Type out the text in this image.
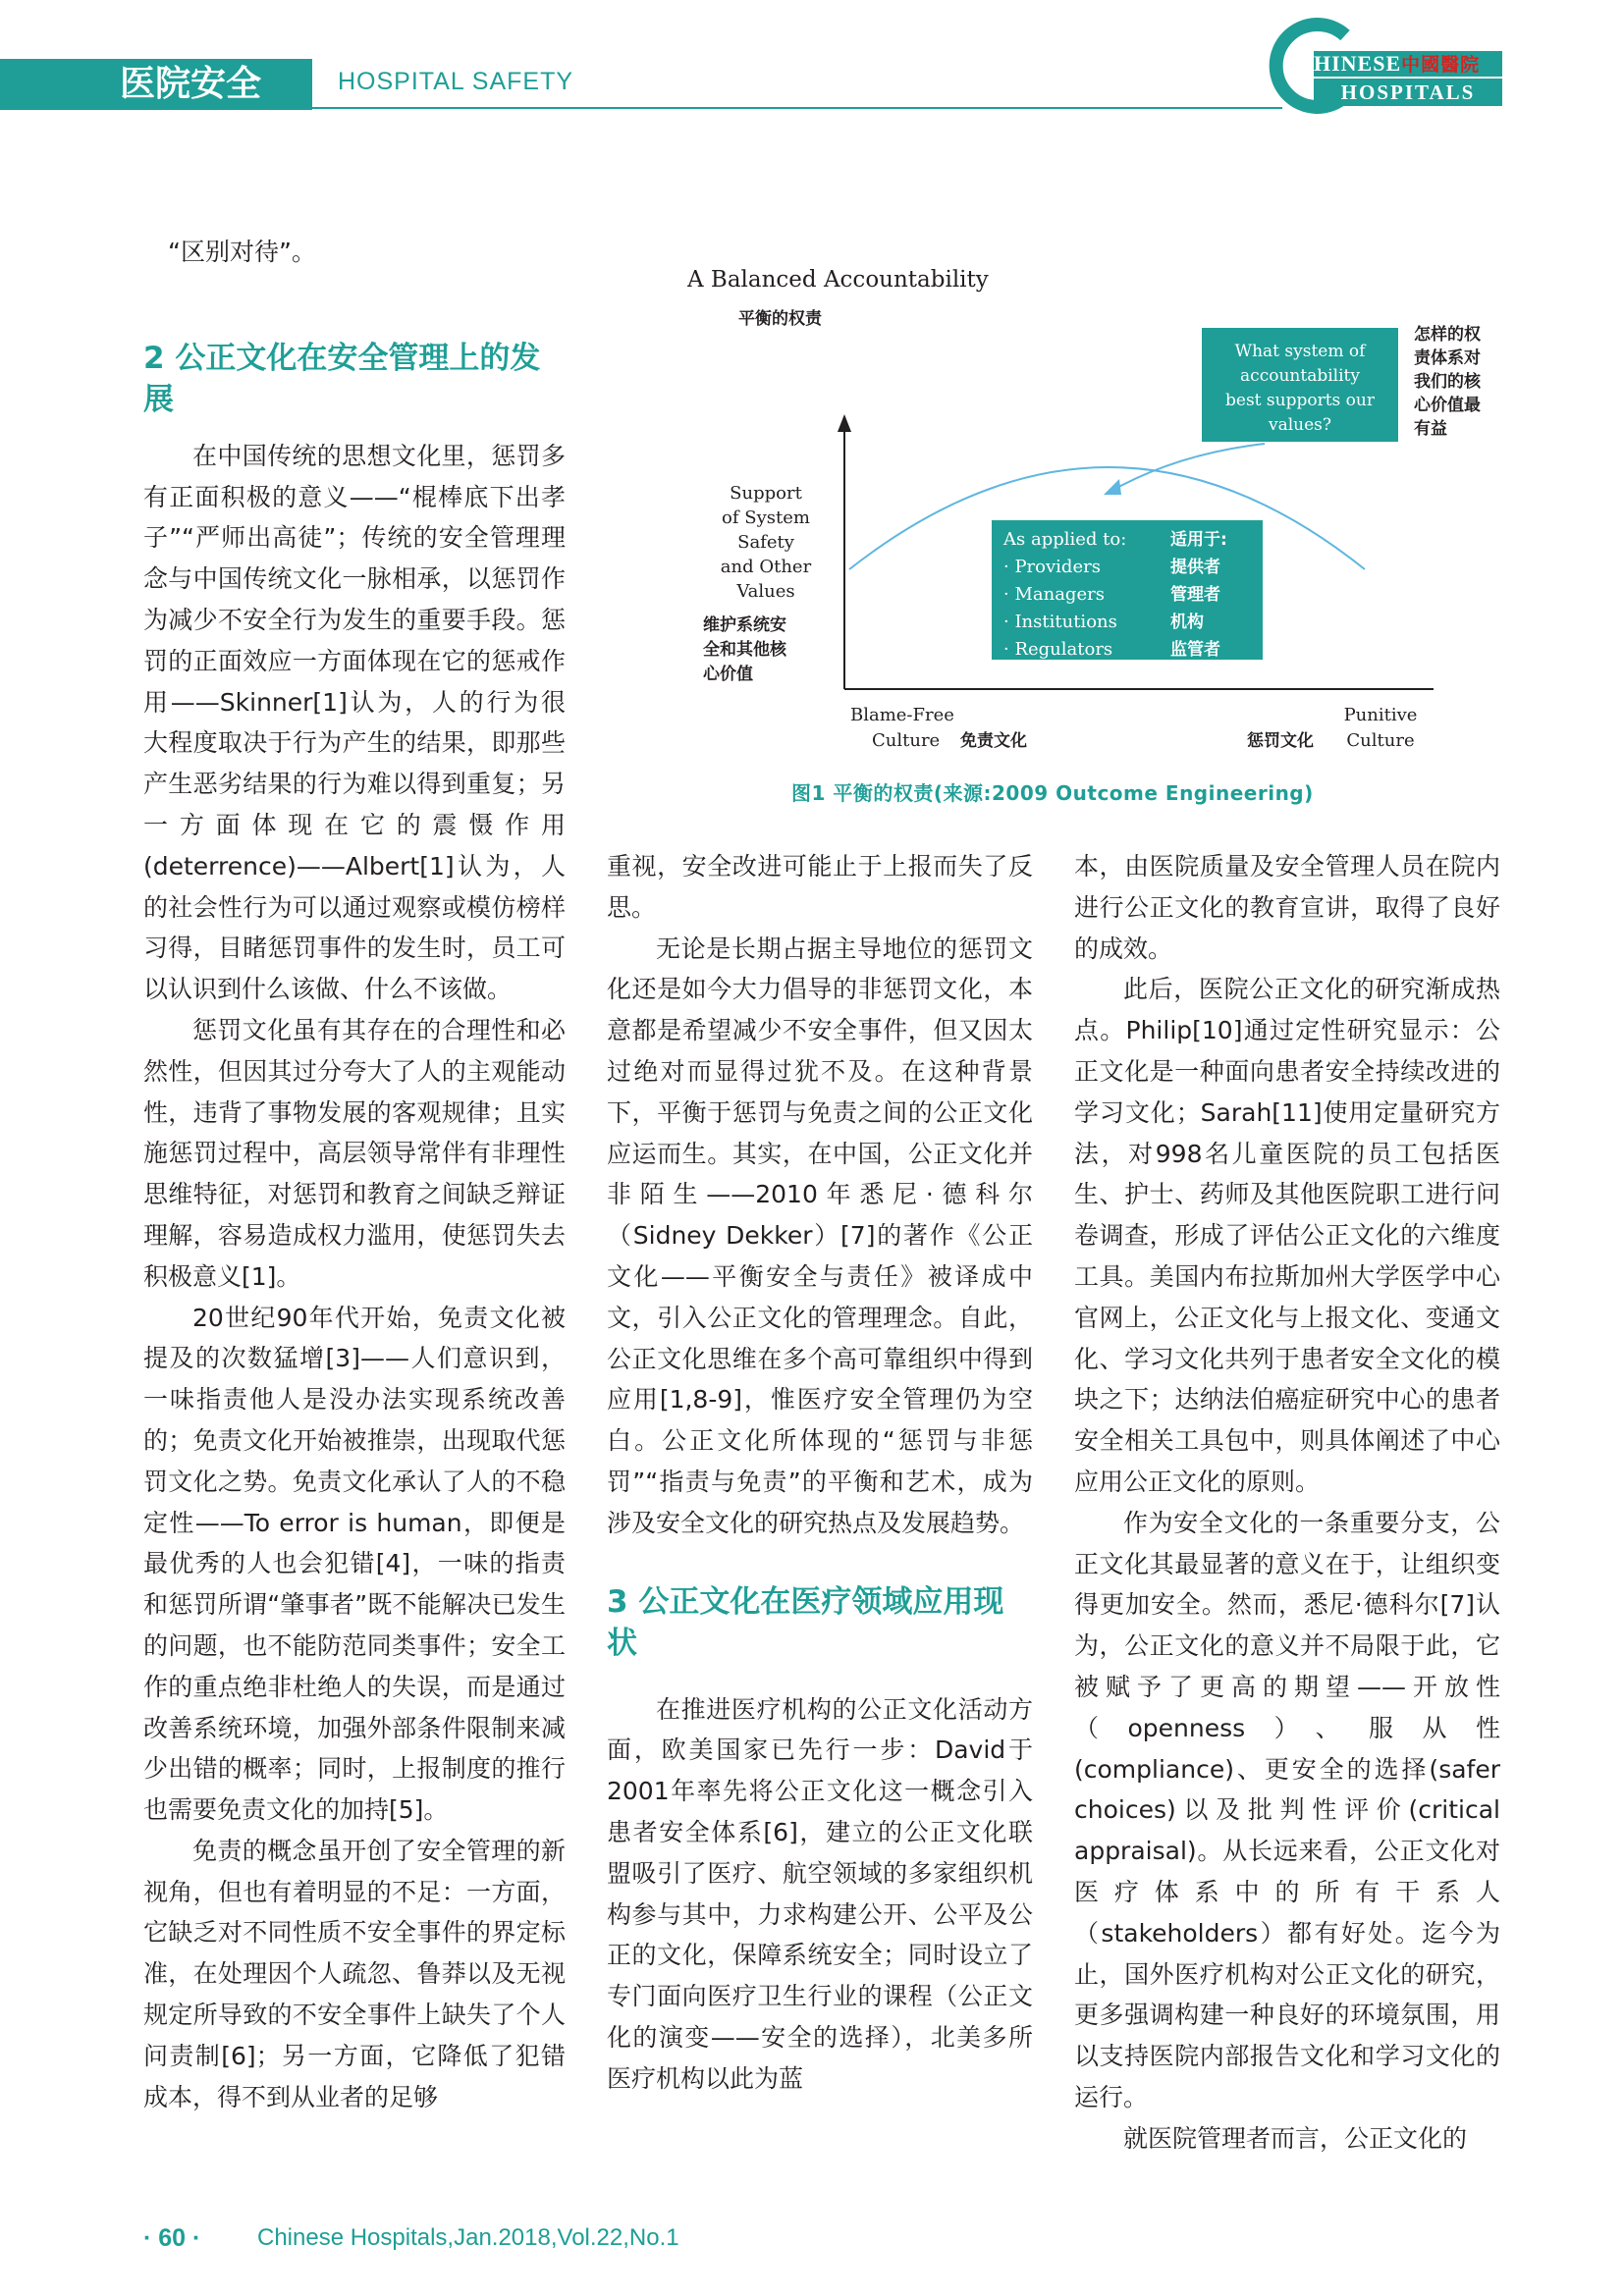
医院安全	HOSPITAL SAFETY
HINESE中國醫院
HOSPITALS
A Balanced Accountability
平衡的权责
Support
of System
Safety
and Other
Values
维护系统安
全和其他核
心价值
What system of
accountability
best supports our
values?
怎样的权
责体系对
我们的核
心价值最
有益
As applied to:
· Providers
· Managers
· Institutions
· Regulators
适用于:
提供者
管理者
机构
监管者
Blame-Free
Culture 免责文化	惩罚文化
Punitive
Culture
图1 平衡的权责(来源:2009 Outcome Engineering)

“区别对待”。

2 公正文化在安全管理上的发展

在中国传统的思想文化里，惩罚多有正面积极的意义——“棍棒底下出孝子”“严师出高徒”；传统的安全管理理念与中国传统文化一脉相承，以惩罚作为减少不安全行为发生的重要手段。惩罚的正面效应一方面体现在它的惩戒作用——Skinner[1]认为，人的行为很大程度取决于行为产生的结果，即那些产生恶劣结果的行为难以得到重复；另一方面体现在它的震慑作用(deterrence)——Albert[1]认为，人的社会性行为可以通过观察或模仿榜样习得，目睹惩罚事件的发生时，员工可以认识到什么该做、什么不该做。

惩罚文化虽有其存在的合理性和必然性，但因其过分夸大了人的主观能动性，违背了事物发展的客观规律；且实施惩罚过程中，高层领导常伴有非理性思维特征，对惩罚和教育之间缺乏辩证理解，容易造成权力滥用，使惩罚失去积极意义[1]。

20世纪90年代开始，免责文化被提及的次数猛增[3]——人们意识到，一味指责他人是没办法实现系统改善的；免责文化开始被推崇，出现取代惩罚文化之势。免责文化承认了人的不稳定性——To error is human，即便是最优秀的人也会犯错[4]，一味的指责和惩罚所谓“肇事者”既不能解决已发生的问题，也不能防范同类事件；安全工作的重点绝非杜绝人的失误，而是通过改善系统环境，加强外部条件限制来减少出错的概率；同时，上报制度的推行也需要免责文化的加持[5]。

免责的概念虽开创了安全管理的新视角，但也有着明显的不足：一方面，它缺乏对不同性质不安全事件的界定标准，在处理因个人疏忽、鲁莽以及无视规定所导致的不安全事件上缺失了个人问责制[6]；另一方面，它降低了犯错成本，得不到从业者的足够

重视，安全改进可能止于上报而失了反思。

无论是长期占据主导地位的惩罚文化还是如今大力倡导的非惩罚文化，本意都是希望减少不安全事件，但又因太过绝对而显得过犹不及。在这种背景下，平衡于惩罚与免责之间的公正文化应运而生。其实，在中国，公正文化并非陌生——2010年悉尼·德科尔（Sidney Dekker）[7]的著作《公正文化——平衡安全与责任》被译成中文，引入公正文化的管理理念。自此，公正文化思维在多个高可靠组织中得到应用[1,8-9]，惟医疗安全管理仍为空白。公正文化所体现的“惩罚与非惩罚”“指责与免责”的平衡和艺术，成为涉及安全文化的研究热点及发展趋势。

3 公正文化在医疗领域应用现状

在推进医疗机构的公正文化活动方面，欧美国家已先行一步：David于2001年率先将公正文化这一概念引入患者安全体系[6]，建立的公正文化联盟吸引了医疗、航空领域的多家组织机构参与其中，力求构建公开、公平及公正的文化，保障系统安全；同时设立了专门面向医疗卫生行业的课程（公正文化的演变——安全的选择），北美多所医疗机构以此为蓝

本，由医院质量及安全管理人员在院内进行公正文化的教育宣讲，取得了良好的成效。

此后，医院公正文化的研究渐成热点。Philip[10]通过定性研究显示：公正文化是一种面向患者安全持续改进的学习文化；Sarah[11]使用定量研究方法，对998名儿童医院的员工包括医生、护士、药师及其他医院职工进行问卷调查，形成了评估公正文化的六维度工具。美国内布拉斯加州大学医学中心官网上，公正文化与上报文化、变通文化、学习文化共列于患者安全文化的模块之下；达纳法伯癌症研究中心的患者安全相关工具包中，则具体阐述了中心应用公正文化的原则。

作为安全文化的一条重要分支，公正文化其最显著的意义在于，让组织变得更加安全。然而，悉尼·德科尔[7]认为，公正文化的意义并不局限于此，它被赋予了更高的期望——开放性（openness）、服从性(compliance)、更安全的选择(safer choices)以及批判性评价(critical appraisal)。从长远来看，公正文化对医疗体系中的所有干系人（stakeholders）都有好处。迄今为止，国外医疗机构对公正文化的研究，更多强调构建一种良好的环境氛围，用以支持医院内部报告文化和学习文化的运行。

就医院管理者而言，公正文化的

· 60 · Chinese Hospitals,Jan.2018,Vol.22,No.1
